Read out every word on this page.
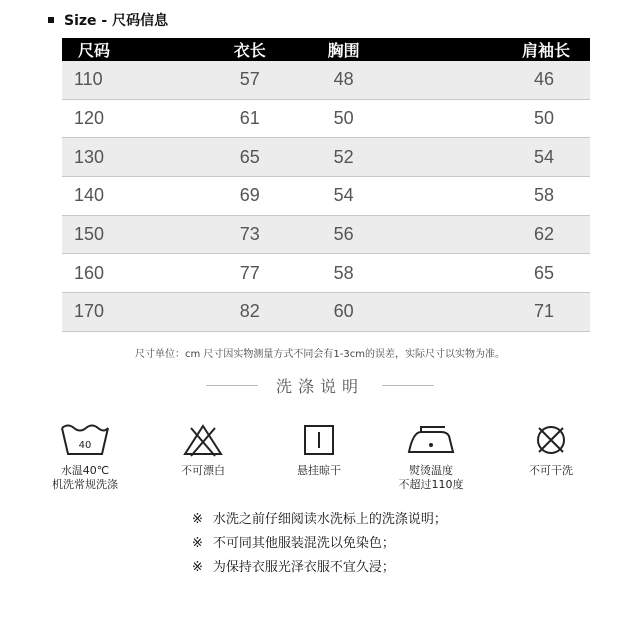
Size - 尺码信息
尺码	衣长	胸围	肩袖长
110	57	48	46
120	61	50	50
130	65	52	54
140	69	54	58
150	73	56	62
160	77	58	65
170	82	60	71
尺寸单位：cm 尺寸因实物测量方式不同会有1-3cm的误差，实际尺寸以实物为准。
洗涤说明
40
水温40℃
机洗常规洗涤
不可漂白	悬挂晾干	熨烫温度
不超过110度
不可干洗
※ 水洗之前仔细阅读水洗标上的洗涤说明；
※ 不可同其他服装混洗以免染色；
※ 为保持衣服光泽衣服不宜久浸；
